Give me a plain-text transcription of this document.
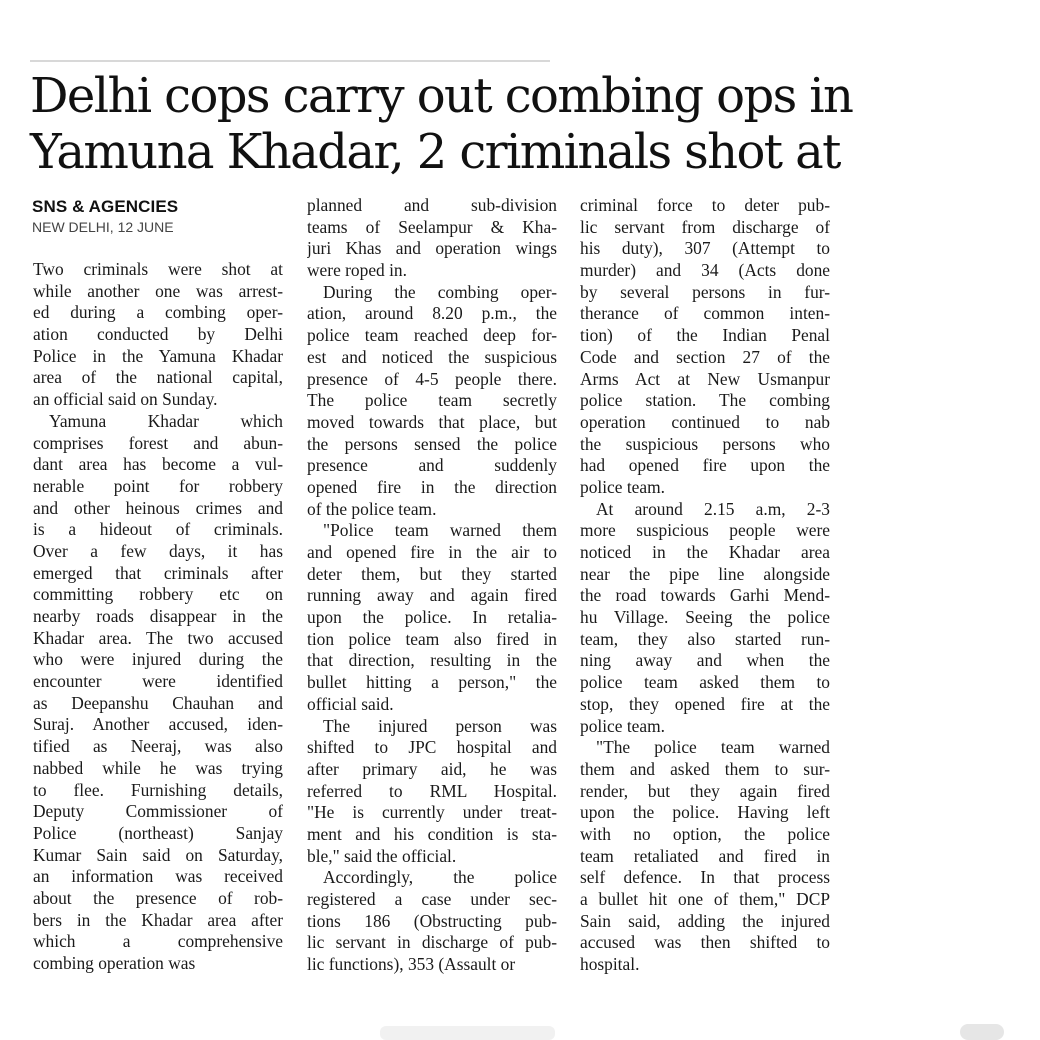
Delhi cops carry out combing ops in
Yamuna Khadar, 2 criminals shot at
SNS & AGENCIES
NEW DELHI, 12 JUNE
Two criminals were shot at
while another one was arrest-
ed during a combing oper-
ation conducted by Delhi
Police in the Yamuna Khadar
area of the national capital,
an official said on Sunday.
Yamuna Khadar which
comprises forest and abun-
dant area has become a vul-
nerable point for robbery
and other heinous crimes and
is a hideout of criminals.
Over a few days, it has
emerged that criminals after
committing robbery etc on
nearby roads disappear in the
Khadar area. The two accused
who were injured during the
encounter were identified
as Deepanshu Chauhan and
Suraj. Another accused, iden-
tified as Neeraj, was also
nabbed while he was trying
to flee. Furnishing details,
Deputy Commissioner of
Police (northeast) Sanjay
Kumar Sain said on Saturday,
an information was received
about the presence of rob-
bers in the Khadar area after
which a comprehensive
combing operation was
planned and sub-division
teams of Seelampur & Kha-
juri Khas and operation wings
were roped in.
During the combing oper-
ation, around 8.20 p.m., the
police team reached deep for-
est and noticed the suspicious
presence of 4-5 people there.
The police team secretly
moved towards that place, but
the persons sensed the police
presence and suddenly
opened fire in the direction
of the police team.
"Police team warned them
and opened fire in the air to
deter them, but they started
running away and again fired
upon the police. In retalia-
tion police team also fired in
that direction, resulting in the
bullet hitting a person," the
official said.
The injured person was
shifted to JPC hospital and
after primary aid, he was
referred to RML Hospital.
"He is currently under treat-
ment and his condition is sta-
ble," said the official.
Accordingly, the police
registered a case under sec-
tions 186 (Obstructing pub-
lic servant in discharge of pub-
lic functions), 353 (Assault or
criminal force to deter pub-
lic servant from discharge of
his duty), 307 (Attempt to
murder) and 34 (Acts done
by several persons in fur-
therance of common inten-
tion) of the Indian Penal
Code and section 27 of the
Arms Act at New Usmanpur
police station. The combing
operation continued to nab
the suspicious persons who
had opened fire upon the
police team.
At around 2.15 a.m, 2-3
more suspicious people were
noticed in the Khadar area
near the pipe line alongside
the road towards Garhi Mend-
hu Village. Seeing the police
team, they also started run-
ning away and when the
police team asked them to
stop, they opened fire at the
police team.
"The police team warned
them and asked them to sur-
render, but they again fired
upon the police. Having left
with no option, the police
team retaliated and fired in
self defence. In that process
a bullet hit one of them," DCP
Sain said, adding the injured
accused was then shifted to
hospital.
